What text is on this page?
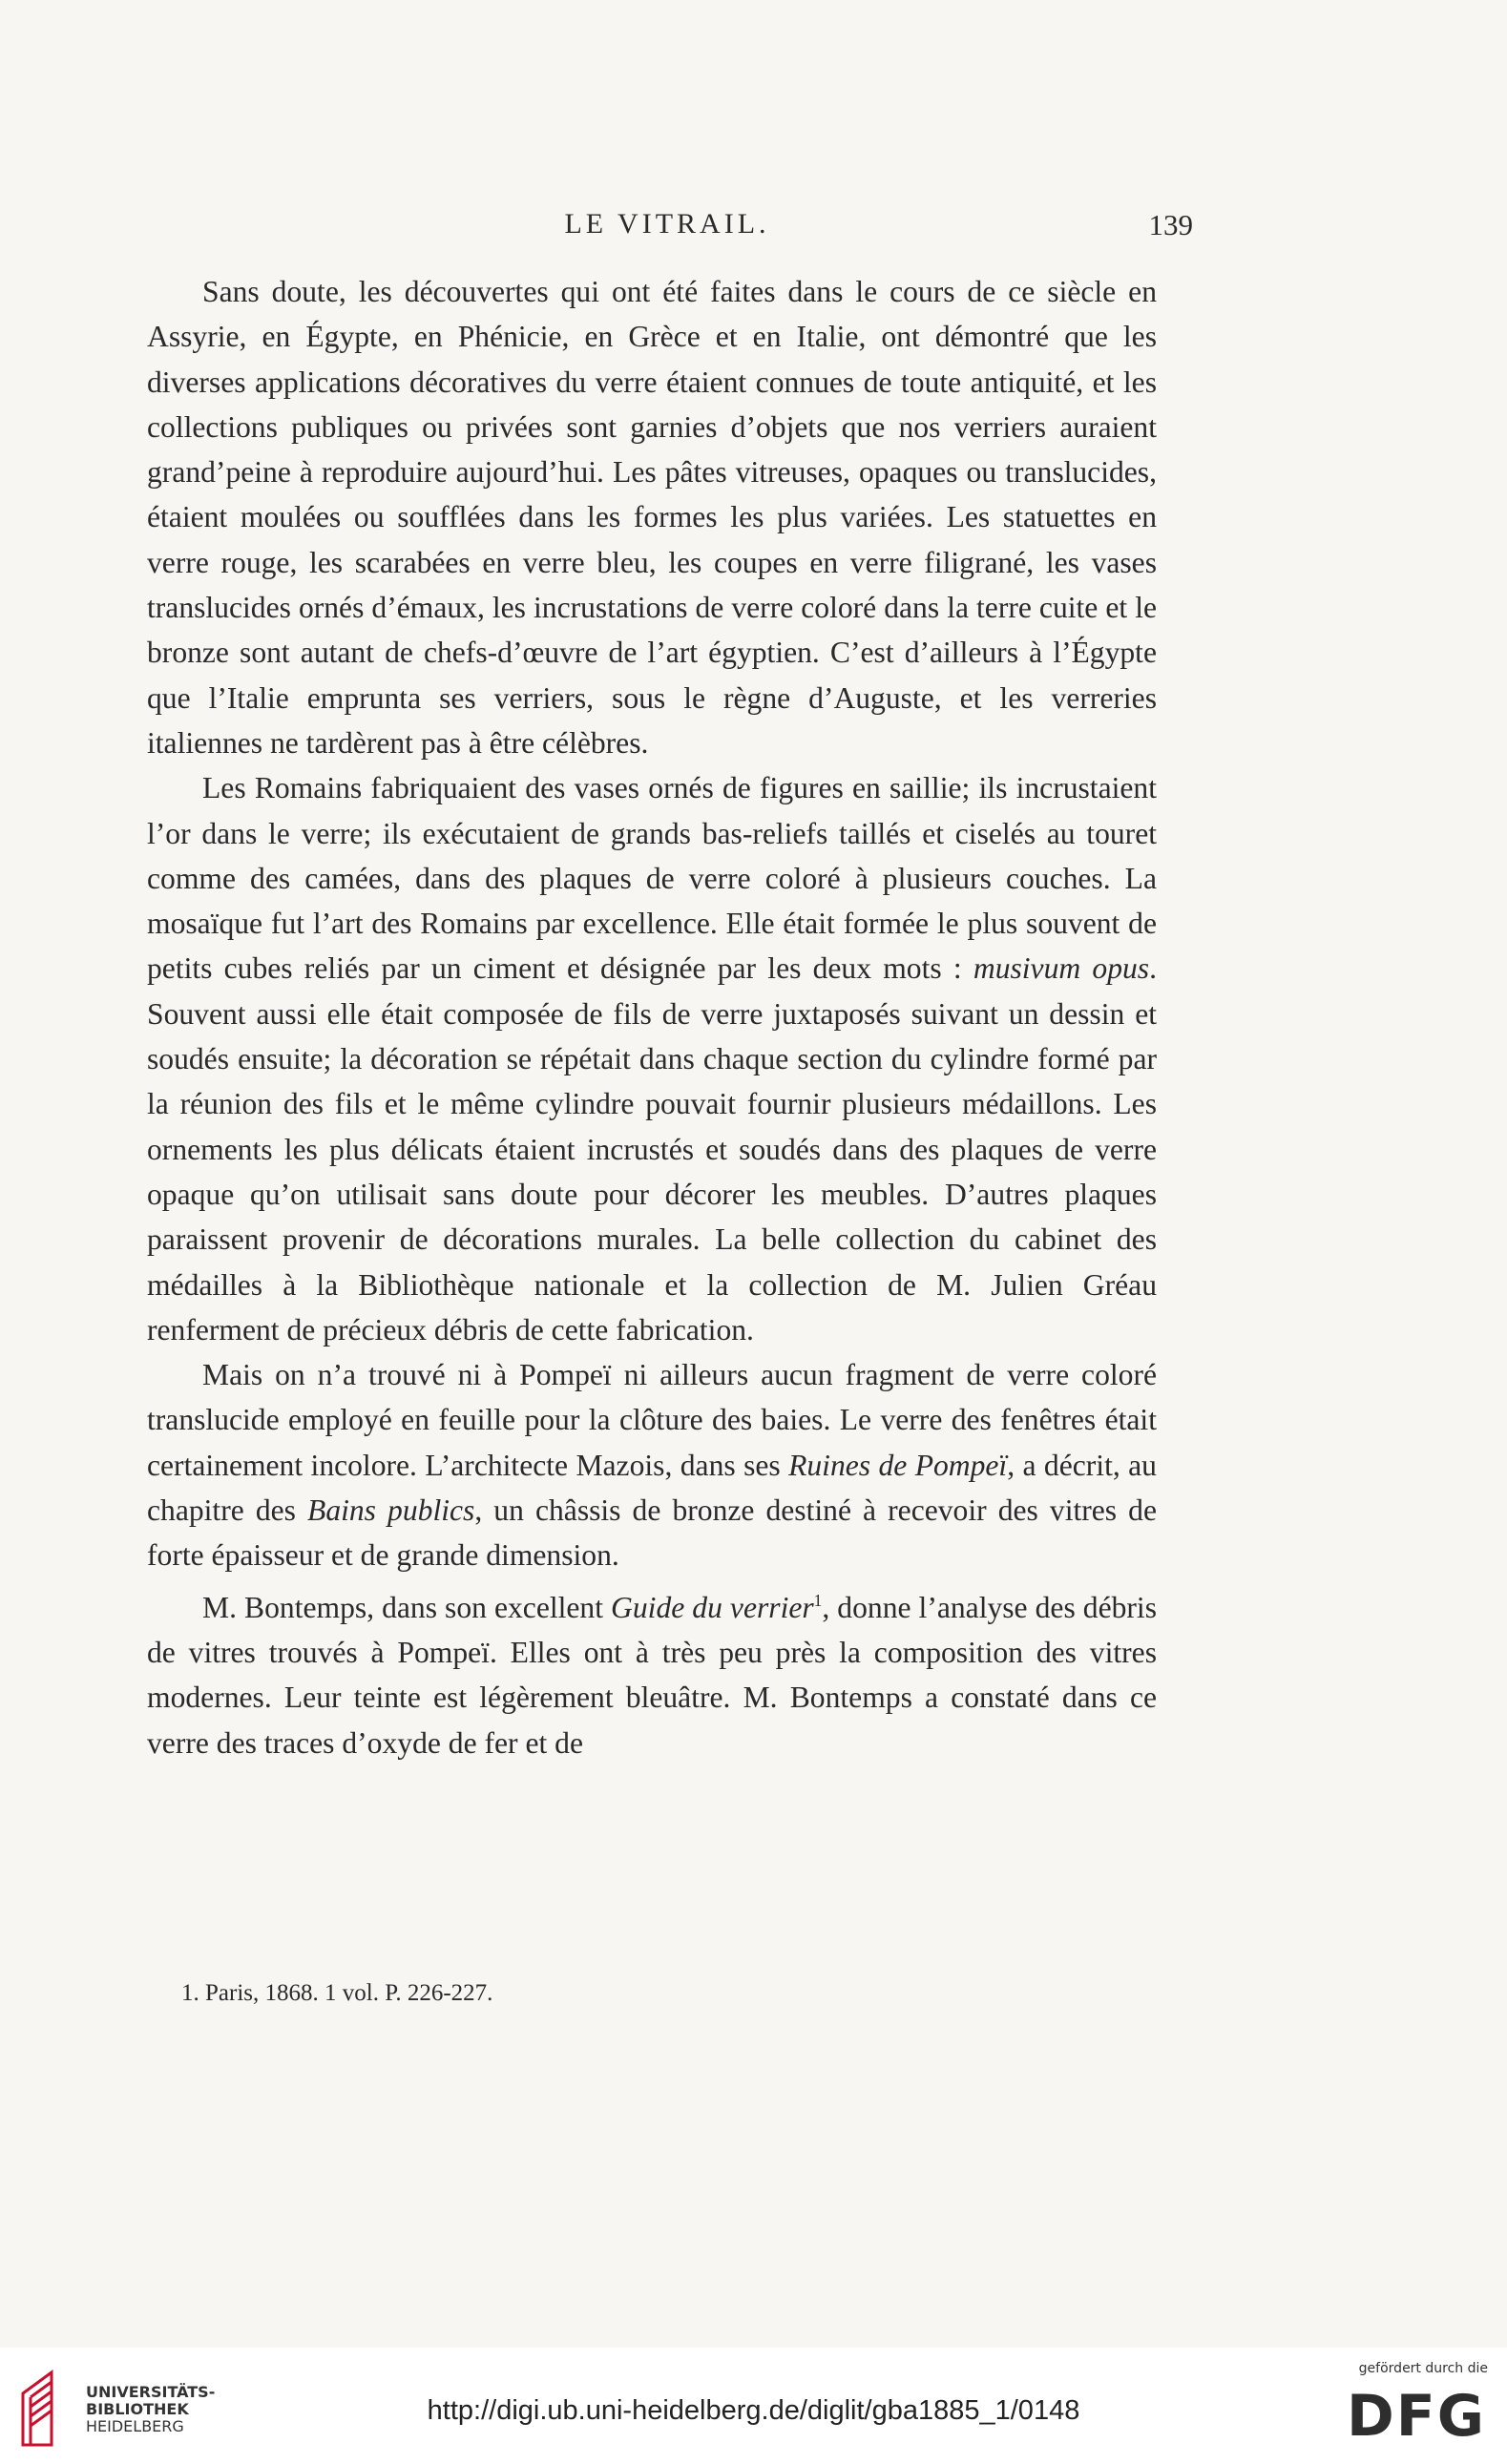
LE VITRAIL.	139

Sans doute, les découvertes qui ont été faites dans le cours de ce siècle en Assyrie, en Égypte, en Phénicie, en Grèce et en Italie, ont démontré que les diverses applications décoratives du verre étaient connues de toute antiquité, et les collections publiques ou privées sont garnies d’objets que nos verriers auraient grand’peine à reproduire aujourd’hui. Les pâtes vitreuses, opaques ou translucides, étaient moulées ou soufflées dans les formes les plus variées. Les statuettes en verre rouge, les scarabées en verre bleu, les coupes en verre filigrané, les vases translucides ornés d’émaux, les incrustations de verre coloré dans la terre cuite et le bronze sont autant de chefs-d’œuvre de l’art égyptien. C’est d’ailleurs à l’Égypte que l’Italie emprunta ses verriers, sous le règne d’Auguste, et les verreries italiennes ne tardèrent pas à être célèbres.

Les Romains fabriquaient des vases ornés de figures en saillie; ils incrustaient l’or dans le verre; ils exécutaient de grands bas-reliefs taillés et ciselés au touret comme des camées, dans des plaques de verre coloré à plusieurs couches. La mosaïque fut l’art des Romains par excellence. Elle était formée le plus souvent de petits cubes reliés par un ciment et désignée par les deux mots : musivum opus. Souvent aussi elle était composée de fils de verre juxtaposés suivant un dessin et soudés ensuite; la décoration se répétait dans chaque section du cylindre formé par la réunion des fils et le même cylindre pouvait fournir plusieurs médaillons. Les ornements les plus délicats étaient incrustés et soudés dans des plaques de verre opaque qu’on utilisait sans doute pour décorer les meubles. D’autres plaques paraissent provenir de décorations murales. La belle collection du cabinet des médailles à la Bibliothèque nationale et la collection de M. Julien Gréau renferment de précieux débris de cette fabrication.

Mais on n’a trouvé ni à Pompeï ni ailleurs aucun fragment de verre coloré translucide employé en feuille pour la clôture des baies. Le verre des fenêtres était certainement incolore. L’architecte Mazois, dans ses Ruines de Pompeï, a décrit, au chapitre des Bains publics, un châssis de bronze destiné à recevoir des vitres de forte épaisseur et de grande dimension.

M. Bontemps, dans son excellent Guide du verrier$^1$, donne l’analyse des débris de vitres trouvés à Pompeï. Elles ont à très peu près la composition des vitres modernes. Leur teinte est légèrement bleuâtre. M. Bontemps a constaté dans ce verre des traces d’oxyde de fer et de

1. Paris, 1868. 1 vol. P. 226-227.
UNIVERSITÄTS-
BIBLIOTHEK
HEIDELBERG
http://digi.ub.uni-heidelberg.de/diglit/gba1885_1/0148
gefördert durch die
DFG
